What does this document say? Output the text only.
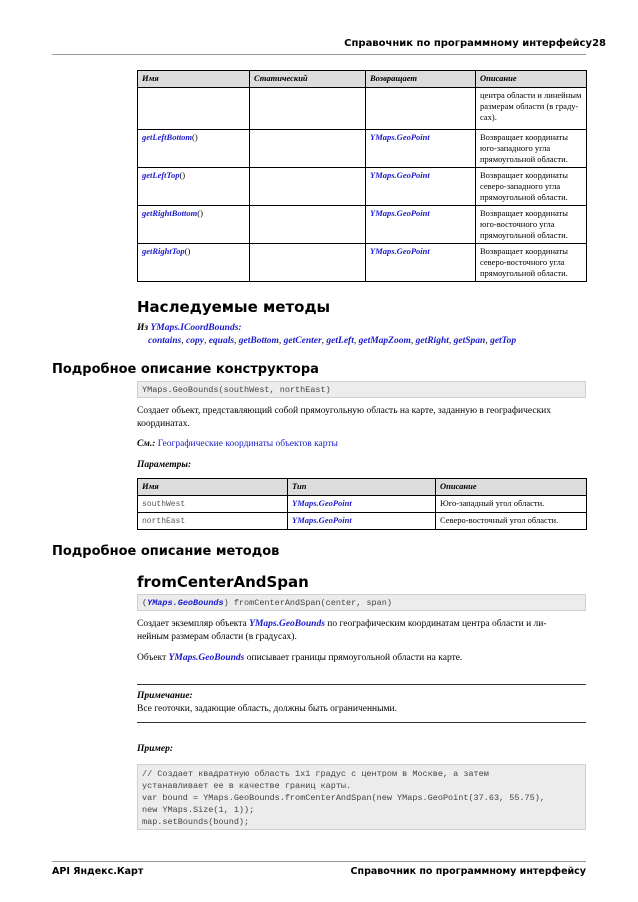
Справочник по программному интерфейсу 28
Имя	Статический	Возвращает	Описание

			центра области и линейным
размерам области (в граду-
сах).

getLeftBottom()		YMaps.GeoPoint	Возвращает координаты
юго-западного угла
прямоугольной области.

getLeftTop()		YMaps.GeoPoint	Возвращает координаты
северо-западного угла
прямоугольной области.

getRightBottom()		YMaps.GeoPoint	Возвращает координаты
юго-восточного угла
прямоугольной области.

getRightTop()		YMaps.GeoPoint	Возвращает координаты
северо-восточного угла
прямоугольной области.
Наследуемые методы
Из YMaps.ICoordBounds:
contains, copy, equals, getBottom, getCenter, getLeft, getMapZoom, getRight, getSpan, getTop
Подробное описание конструктора
YMaps.GeoBounds(southWest, northEast)
Создает объект, представляющий собой прямоугольную область на карте, заданную в географических
координатах.
См.: Географические координаты объектов карты
Параметры:
Имя	Тип	Описание
southWest	YMaps.GeoPoint	Юго-западный угол области.
northEast	YMaps.GeoPoint	Северо-восточный угол области.
Подробное описание методов
fromCenterAndSpan
(YMaps.GeoBounds) fromCenterAndSpan(center, span)
Создает экземпляр объекта YMaps.GeoBounds по географическим координатам центра области и ли-
нейным размерам области (в градусах).
Объект YMaps.GeoBounds описывает границы прямоугольной области на карте.
Примечание:
Все геоточки, задающие область, должны быть ограниченными.
Пример:
// Создает квадратную область 1x1 градус с центром в Москве, а затем
устанавливает ее в качестве границ карты.
var bound = YMaps.GeoBounds.fromCenterAndSpan(new YMaps.GeoPoint(37.63, 55.75),
new YMaps.Size(1, 1));
map.setBounds(bound);
API Яндекс.Карт	Справочник по программному интерфейсу
